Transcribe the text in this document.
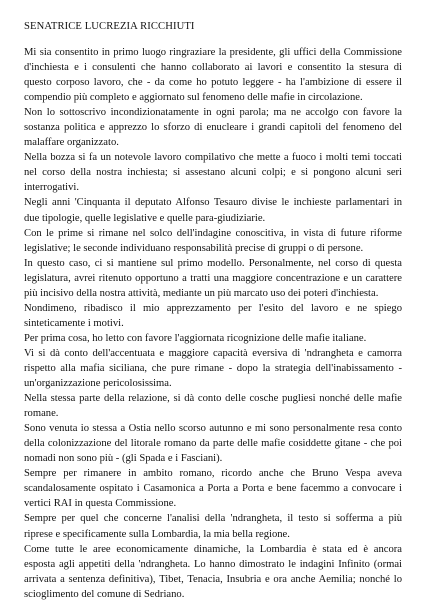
SENATRICE LUCREZIA RICCHIUTI

Mi sia consentito in primo luogo ringraziare la presidente, gli uffici della Commissione
d'inchiesta e i consulenti che hanno collaborato ai lavori e consentito la stesura di
questo corposo lavoro, che - da come ho potuto leggere - ha l'ambizione di essere il
compendio più completo e aggiornato sul fenomeno delle mafie in circolazione.

Non lo sottoscrivo incondizionatamente in ogni parola; ma ne accolgo con favore la
sostanza politica e apprezzo lo sforzo di enucleare i grandi capitoli del fenomeno del
malaffare organizzato.

Nella bozza si fa un notevole lavoro compilativo che mette a fuoco i molti temi toccati
nel corso della nostra inchiesta; si assestano alcuni colpi; e si pongono alcuni seri
interrogativi.

Negli anni 'Cinquanta il deputato Alfonso Tesauro divise le inchieste parlamentari in
due tipologie, quelle legislative e quelle para-giudiziarie.

Con le prime si rimane nel solco dell'indagine conoscitiva, in vista di future riforme
legislative; le seconde individuano responsabilità precise di gruppi o di persone.

In questo caso, ci si mantiene sul primo modello. Personalmente, nel corso di questa
legislatura, avrei ritenuto opportuno a tratti una maggiore concentrazione e un carattere
più incisivo della nostra attività, mediante un più marcato uso dei poteri d'inchiesta.

Nondimeno, ribadisco il mio apprezzamento per l'esito del lavoro e ne spiego
sinteticamente i motivi.

Per prima cosa, ho letto con favore l'aggiornata ricognizione delle mafie italiane.

Vi si dà conto dell'accentuata e maggiore capacità eversiva di 'ndrangheta e camorra
rispetto alla mafia siciliana, che pure rimane - dopo la strategia dell'inabissamento -
un'organizzazione pericolosissima.

Nella stessa parte della relazione, si dà conto delle cosche pugliesi nonché delle mafie
romane.

Sono venuta io stessa a Ostia nello scorso autunno e mi sono personalmente resa conto
della colonizzazione del litorale romano da parte delle mafie cosiddette gitane - che poi
nomadi non sono più - (gli Spada e i Fasciani).

Sempre per rimanere in ambito romano, ricordo anche che Bruno Vespa aveva
scandalosamente ospitato i Casamonica a Porta a Porta e bene facemmo a convocare i
vertici RAI in questa Commissione.

Sempre per quel che concerne l'analisi della 'ndrangheta, il testo si sofferma a più
riprese e specificamente sulla Lombardia, la mia bella regione.

Come tutte le aree economicamente dinamiche, la Lombardia è stata ed è ancora
esposta agli appetiti della 'ndrangheta. Lo hanno dimostrato le indagini Infinito (ormai
arrivata a sentenza definitiva), Tibet, Tenacia, Insubria e ora anche Aemilia; nonché lo
scioglimento del comune di Sedriano.
